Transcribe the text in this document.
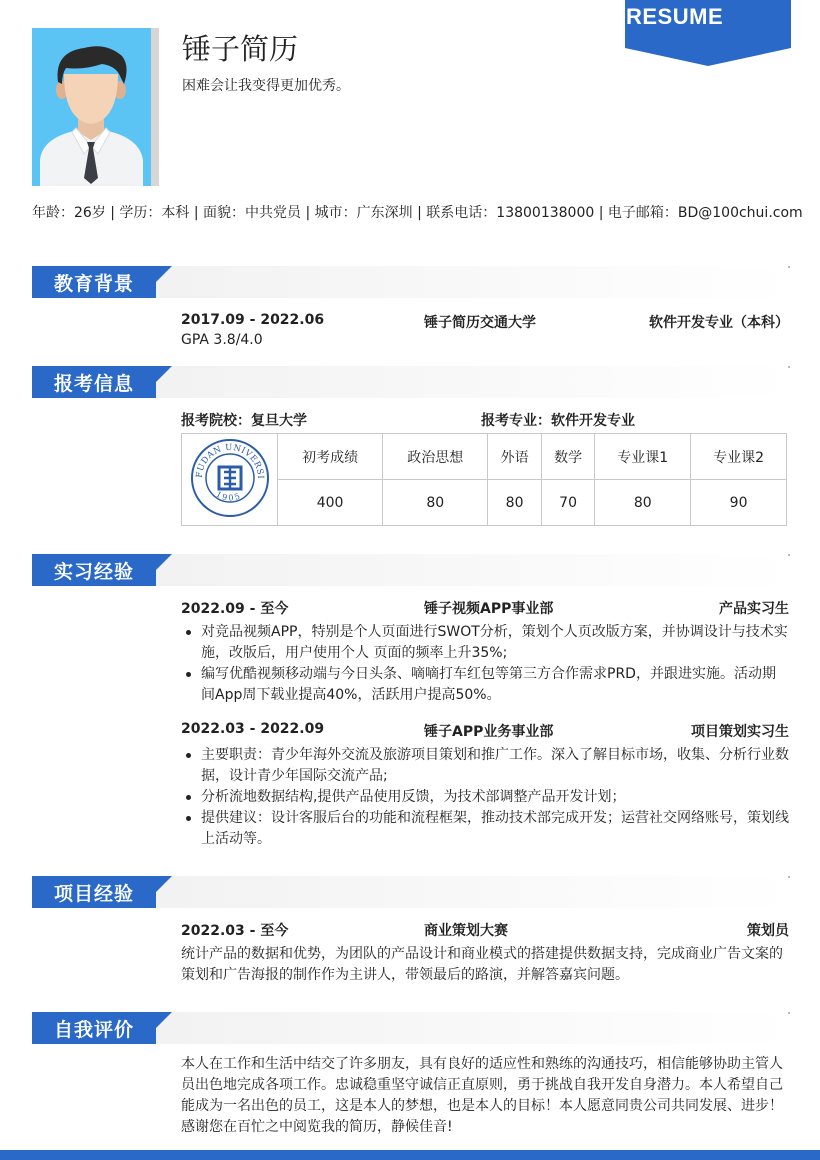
锤子简历
困难会让我变得更加优秀。
RESUME
年龄：26岁 | 学历：本科 | 面貌：中共党员 | 城市：广东深圳 | 联系电话：13800138000 | 电子邮箱：BD@100chui.com
教育背景
2017.09 - 2022.06	锤子简历交通大学	软件开发专业（本科）
GPA 3.8/4.0
报考信息
报考院校：复旦大学	报考专业：软件开发专业
FUDAN UNIVERSI
1905	初考成绩	政治思想	外语	数学	专业课1	专业课2
	400	80	80	70	80	90
实习经验
2022.09 - 至今	锤子视频APP事业部	产品实习生
对竞品视频APP，特别是个人页面进行SWOT分析，策划个人页改版方案，并协调设计与技术实施，改版后，用户使用个人 页面的频率上升35%;
编写优酷视频移动端与今日头条、嘀嘀打车红包等第三方合作需求PRD，并跟进实施。活动期间App周下载业提高40%，活跃用户提高50%。
2022.03 - 2022.09	锤子APP业务事业部	项目策划实习生
主要职责：青少年海外交流及旅游项目策划和推广工作。深入了解目标市场，收集、分析行业数据，设计青少年国际交流产品;
分析流地数据结构,提供产品使用反馈，为技术部调整产品开发计划；
提供建议：设计客服后台的功能和流程框架，推动技术部完成开发；运营社交网络账号，策划线上活动等。
项目经验
2022.03 - 至今	商业策划大赛	策划员
统计产品的数据和优势，为团队的产品设计和商业模式的搭建提供数据支持，完成商业广告文案的策划和广告海报的制作作为主讲人，带领最后的路演，并解答嘉宾问题。
自我评价
本人在工作和生活中结交了许多朋友，具有良好的适应性和熟练的沟通技巧，相信能够协助主管人员出色地完成各项工作。忠诚稳重坚守诚信正直原则，勇于挑战自我开发自身潜力。本人希望自己能成为一名出色的员工，这是本人的梦想，也是本人的目标！本人愿意同贵公司共同发展、进步！感谢您在百忙之中阅览我的简历，静候佳音!
